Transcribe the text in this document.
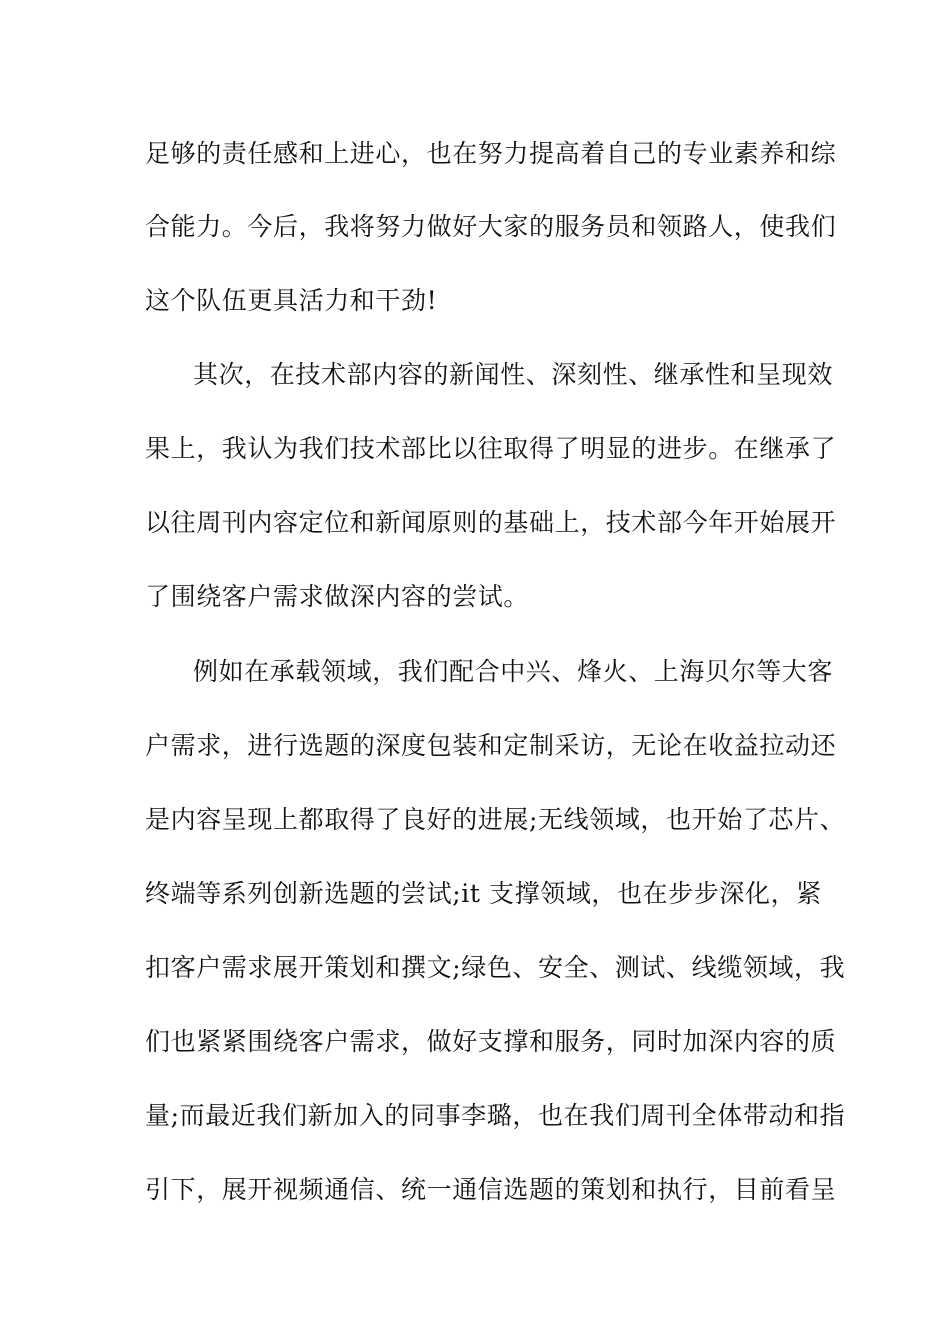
足够的责任感和上进心，也在努力提高着自己的专业素养和综
合能力。今后，我将努力做好大家的服务员和领路人，使我们
这个队伍更具活力和干劲!
其次，在技术部内容的新闻性、深刻性、继承性和呈现效
果上，我认为我们技术部比以往取得了明显的进步。在继承了
以往周刊内容定位和新闻原则的基础上，技术部今年开始展开
了围绕客户需求做深内容的尝试。
例如在承载领域，我们配合中兴、烽火、上海贝尔等大客
户需求，进行选题的深度包装和定制采访，无论在收益拉动还
是内容呈现上都取得了良好的进展;无线领域，也开始了芯片、
终端等系列创新选题的尝试;it 支撑领域，也在步步深化，紧
扣客户需求展开策划和撰文;绿色、安全、测试、线缆领域，我
们也紧紧围绕客户需求，做好支撑和服务，同时加深内容的质
量;而最近我们新加入的同事李璐，也在我们周刊全体带动和指
引下，展开视频通信、统一通信选题的策划和执行，目前看呈
